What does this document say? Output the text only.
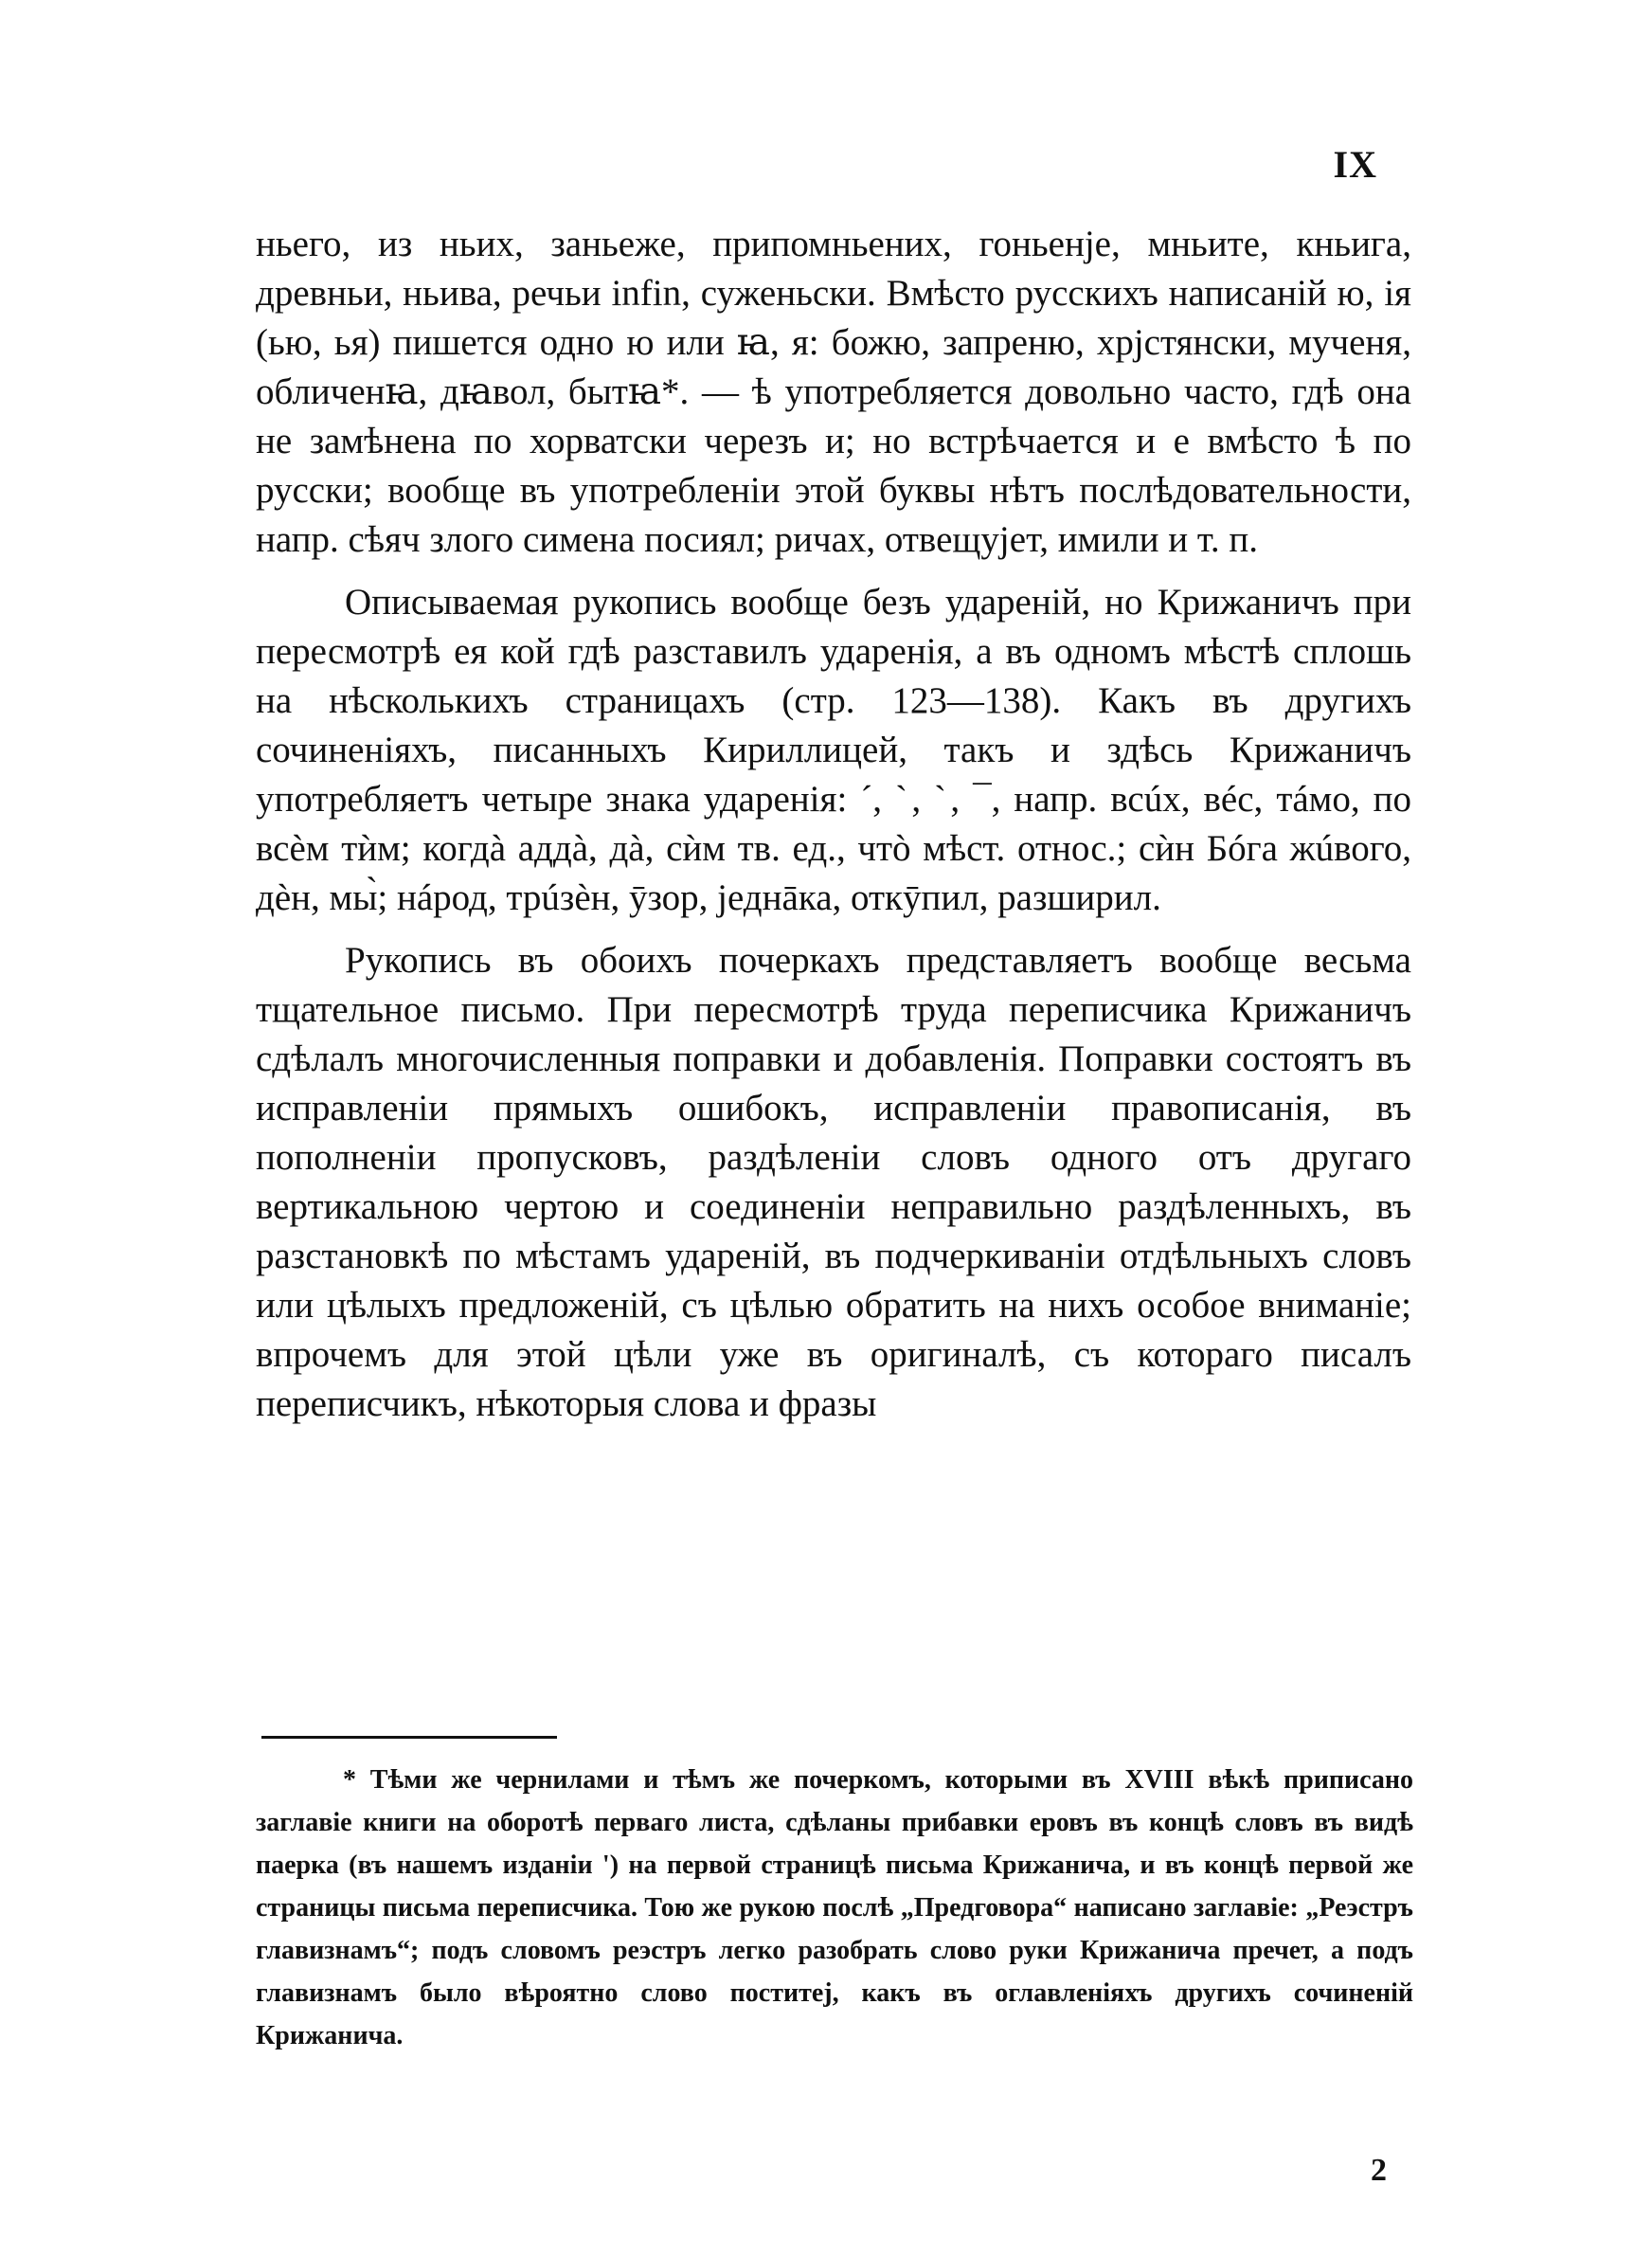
IX

ньего, из ньих, заньеже, припомньених, гоньенје, мньите, кньига, древньи, ньива, речьи infin, суженьски. Вмѣсто русскихъ написаній ю, ія (ью, ья) пишется одно ю или ꙗ, я: божю, запреню, хрјстянски, мученя, обличенꙗ, дꙗвол, бытꙗ*. — ѣ употребляется довольно часто, гдѣ она не замѣнена по хорватски черезъ и; но встрѣчается и е вмѣсто ѣ по русски; вообще въ употребленіи этой буквы нѣтъ послѣдовательности, напр. сѣяч злого симена посиял; ричах, отвещујет, имили и т. п.

Описываемая рукопись вообще безъ удареній, но Крижаничъ при пересмотрѣ ея кой гдѣ разставилъ ударенія, а въ одномъ мѣстѣ сплошь на нѣсколькихъ страницахъ (стр. 123—138). Какъ въ другихъ сочиненіяхъ, писанныхъ Кириллицей, такъ и здѣсь Крижаничъ употребляетъ четыре знака ударенія: ´, ˋ, ˋ, ¯, напр. всúх, вéс, тáмо, по всѐм тѝм; когдà аддà, дà, сѝм тв. ед., чтò мѣст. относ.; сѝн Бóга жúвого, дѐн, мы̀; нáрод, трúзѐн, ӯзор, једнāка, откӯпил, разширил.

Рукопись въ обоихъ почеркахъ представляетъ вообще весьма тщательное письмо. При пересмотрѣ труда переписчика Крижаничъ сдѣлалъ многочисленныя поправки и добавленія. Поправки состоятъ въ исправленіи прямыхъ ошибокъ, исправленіи правописанія, въ пополненіи пропусковъ, раздѣленіи словъ одного отъ другаго вертикальною чертою и соединеніи неправильно раздѣленныхъ, въ разстановкѣ по мѣстамъ удареній, въ подчеркиваніи отдѣльныхъ словъ или цѣлыхъ предложеній, съ цѣлью обратить на нихъ особое вниманіе; впрочемъ для этой цѣли уже въ оригиналѣ, съ котораго писалъ переписчикъ, нѣкоторыя слова и фразы

* Тѣми же чернилами и тѣмъ же почеркомъ, которыми въ XVIII вѣкѣ приписано заглавіе книги на оборотѣ перваго листа, сдѣланы прибавки еровъ въ концѣ словъ въ видѣ паерка (въ нашемъ изданіи ') на первой страницѣ письма Крижанича, и въ концѣ первой же страницы письма переписчика. Тою же рукою послѣ „Предговора“ написано заглавіе: „Реэстръ главизнамъ“; подъ словомъ реэстръ легко разобрать слово руки Крижанича пречет, а подъ главизнамъ было вѣроятно слово поститеј, какъ въ оглавленіяхъ другихъ сочиненій Крижанича.
2
